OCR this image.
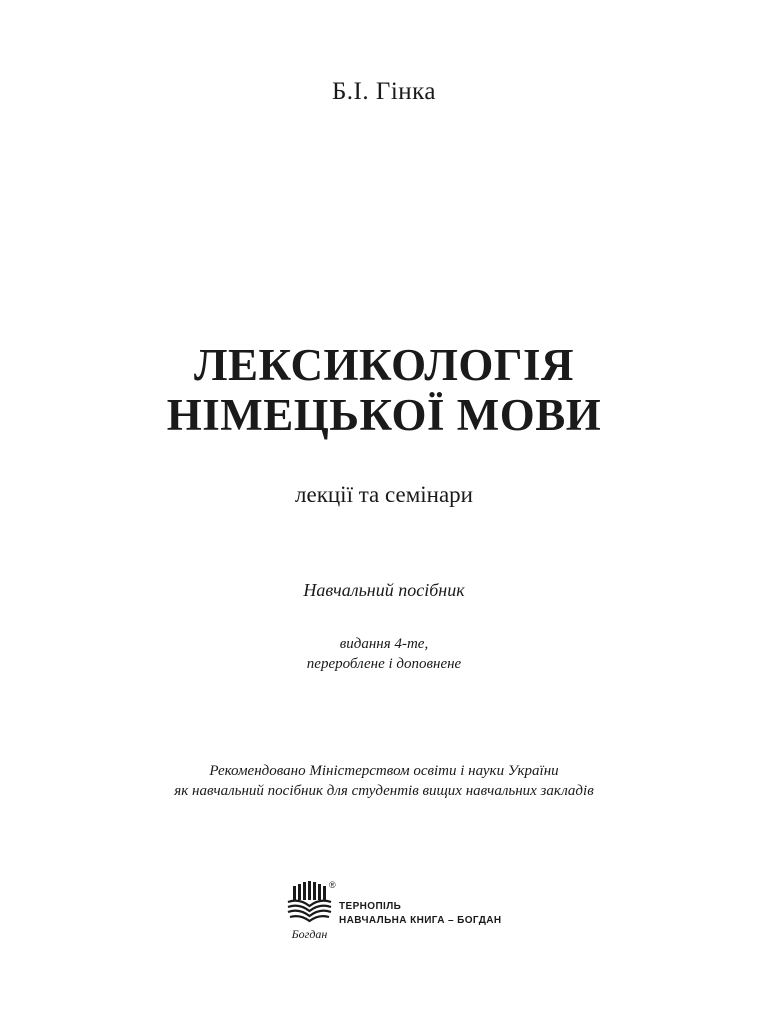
Б.І. Гінка
ЛЕКСИКОЛОГІЯ
НІМЕЦЬКОЇ МОВИ
лекції та семінари
Навчальний посібник
видання 4-те,
перероблене і доповнене
Рекомендовано Міністерством освіти і науки України
як навчальний посібник для студентів вищих навчальних закладів
Богдан
®
ТЕРНОПІЛЬ
НАВЧАЛЬНА КНИГА – БОГДАН
